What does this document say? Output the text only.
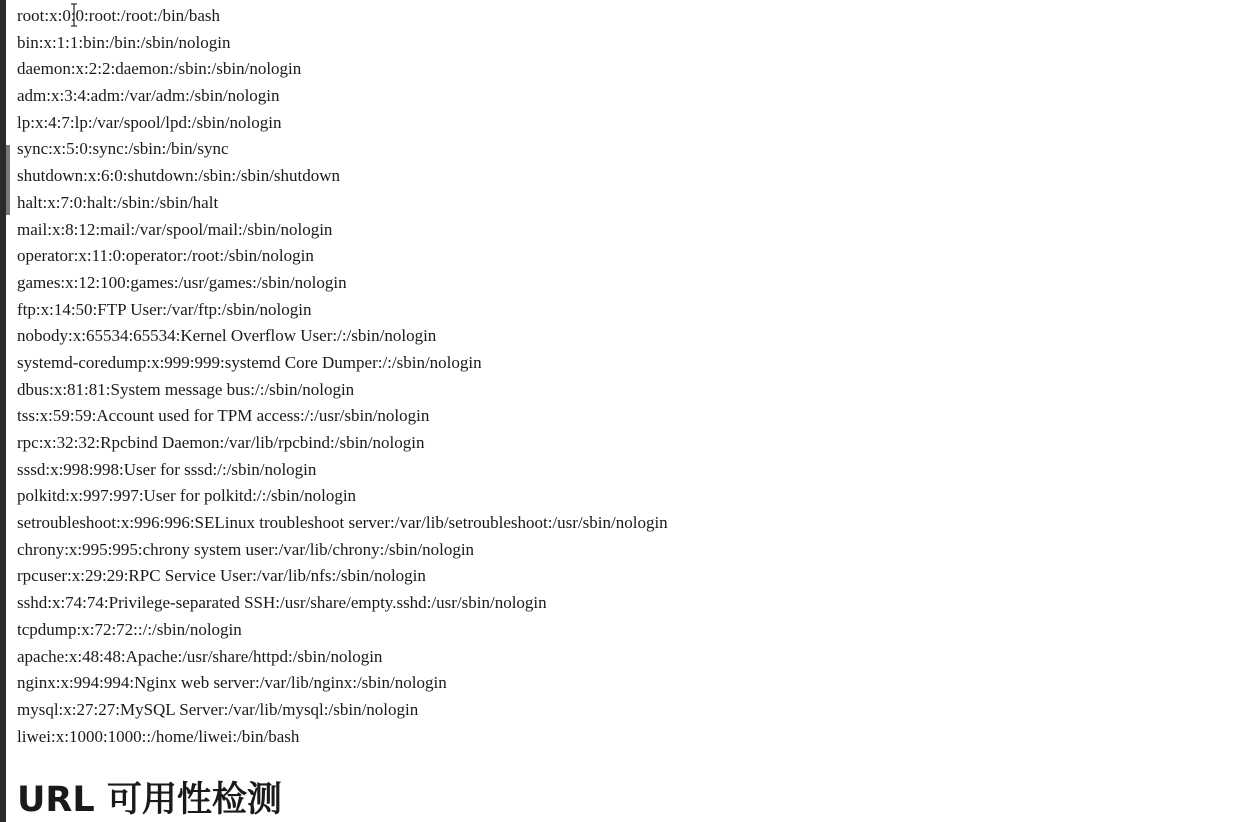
root:x:0:0:root:/root:/bin/bash
bin:x:1:1:bin:/bin:/sbin/nologin
daemon:x:2:2:daemon:/sbin:/sbin/nologin
adm:x:3:4:adm:/var/adm:/sbin/nologin
lp:x:4:7:lp:/var/spool/lpd:/sbin/nologin
sync:x:5:0:sync:/sbin:/bin/sync
shutdown:x:6:0:shutdown:/sbin:/sbin/shutdown
halt:x:7:0:halt:/sbin:/sbin/halt
mail:x:8:12:mail:/var/spool/mail:/sbin/nologin
operator:x:11:0:operator:/root:/sbin/nologin
games:x:12:100:games:/usr/games:/sbin/nologin
ftp:x:14:50:FTP User:/var/ftp:/sbin/nologin
nobody:x:65534:65534:Kernel Overflow User:/:/sbin/nologin
systemd-coredump:x:999:999:systemd Core Dumper:/:/sbin/nologin
dbus:x:81:81:System message bus:/:/sbin/nologin
tss:x:59:59:Account used for TPM access:/:/usr/sbin/nologin
rpc:x:32:32:Rpcbind Daemon:/var/lib/rpcbind:/sbin/nologin
sssd:x:998:998:User for sssd:/:/sbin/nologin
polkitd:x:997:997:User for polkitd:/:/sbin/nologin
setroubleshoot:x:996:996:SELinux troubleshoot server:/var/lib/setroubleshoot:/usr/sbin/nologin
chrony:x:995:995:chrony system user:/var/lib/chrony:/sbin/nologin
rpcuser:x:29:29:RPC Service User:/var/lib/nfs:/sbin/nologin
sshd:x:74:74:Privilege-separated SSH:/usr/share/empty.sshd:/usr/sbin/nologin
tcpdump:x:72:72::/:/sbin/nologin
apache:x:48:48:Apache:/usr/share/httpd:/sbin/nologin
nginx:x:994:994:Nginx web server:/var/lib/nginx:/sbin/nologin
mysql:x:27:27:MySQL Server:/var/lib/mysql:/sbin/nologin
liwei:x:1000:1000::/home/liwei:/bin/bash
URL 可用性检测
